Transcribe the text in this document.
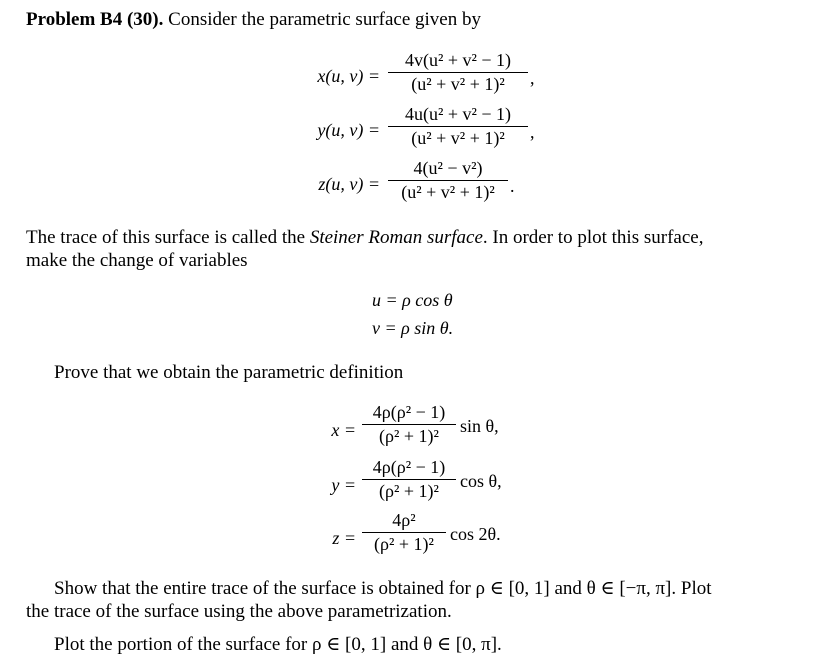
Problem B4 (30). Consider the parametric surface given by
x(u, v) =
4v(u² + v² − 1)
(u² + v² + 1)²	,
y(u, v) =
4u(u² + v² − 1)
(u² + v² + 1)²	,
z(u, v) =
4(u² − v²)
(u² + v² + 1)² .
The trace of this surface is called the Steiner Roman surface. In order to plot this surface,
make the change of variables
u = ρ cos θ
v = ρ sin θ.
Prove that we obtain the parametric definition
x =
4ρ(ρ² − 1)
(ρ² + 1)²	sin θ,
y =
4ρ(ρ² − 1)
(ρ² + 1)²	cos θ,
z =
4ρ²
(ρ² + 1)² cos 2θ.
Show that the entire trace of the surface is obtained for ρ ∈ [0, 1] and θ ∈ [−π, π]. Plot
the trace of the surface using the above parametrization.
Plot the portion of the surface for ρ ∈ [0, 1] and θ ∈ [0, π].
